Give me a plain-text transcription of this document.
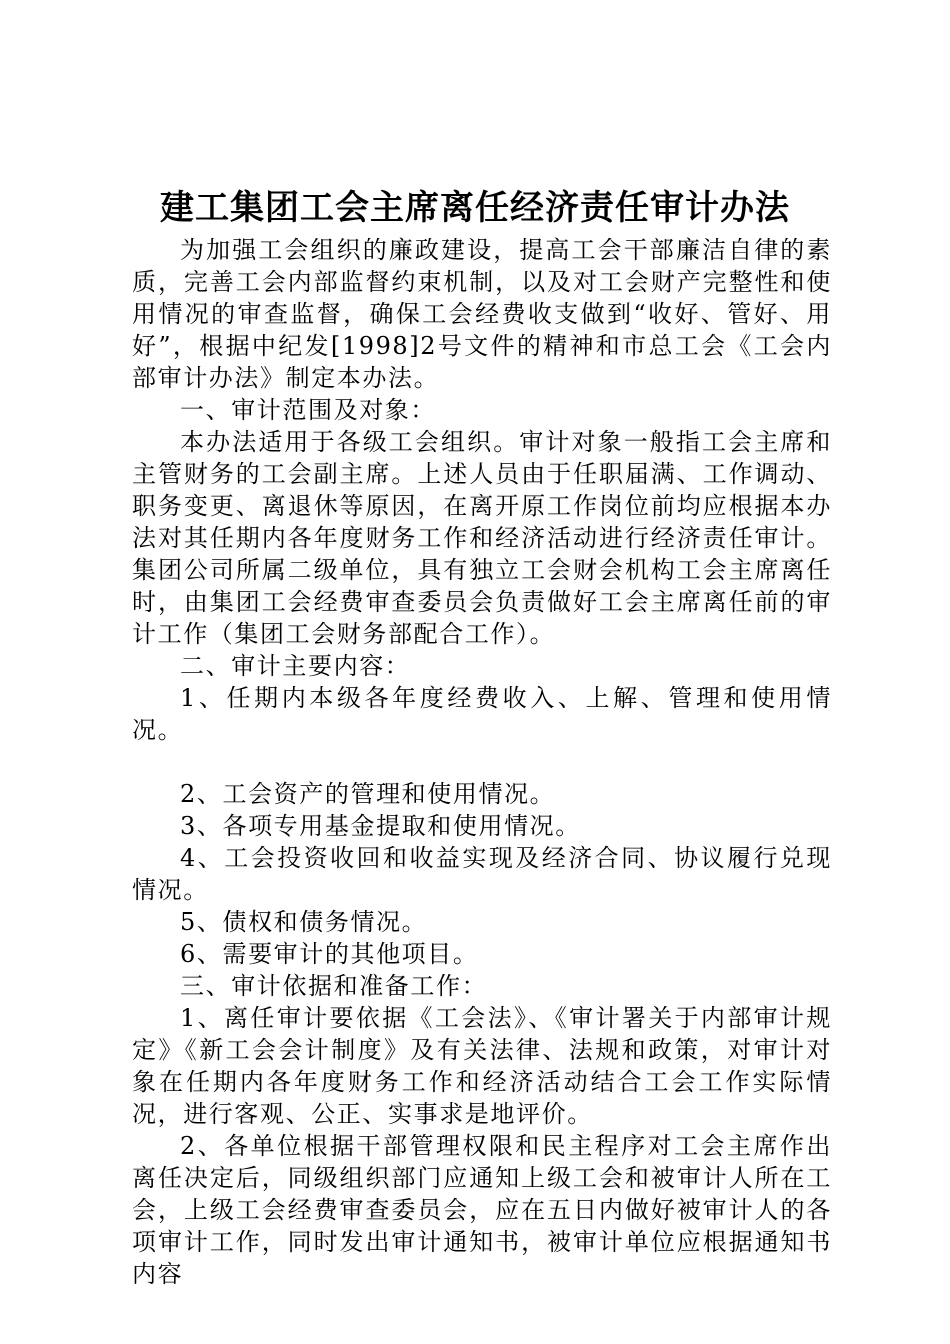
建工集团工会主席离任经济责任审计办法

为加强工会组织的廉政建设，提高工会干部廉洁自律的素质，完善工会内部监督约束机制，以及对工会财产完整性和使用情况的审查监督，确保工会经费收支做到“收好、管好、用好”，根据中纪发[1998]2号文件的精神和市总工会《工会内部审计办法》制定本办法。

一、审计范围及对象：

本办法适用于各级工会组织。审计对象一般指工会主席和主管财务的工会副主席。上述人员由于任职届满、工作调动、职务变更、离退休等原因，在离开原工作岗位前均应根据本办法对其任期内各年度财务工作和经济活动进行经济责任审计。集团公司所属二级单位，具有独立工会财会机构工会主席离任时，由集团工会经费审查委员会负责做好工会主席离任前的审计工作（集团工会财务部配合工作）。

二、审计主要内容：

1、任期内本级各年度经费收入、上解、管理和使用情况。

2、工会资产的管理和使用情况。

3、各项专用基金提取和使用情况。

4、工会投资收回和收益实现及经济合同、协议履行兑现情况。

5、债权和债务情况。

6、需要审计的其他项目。

三、审计依据和准备工作：

1、离任审计要依据《工会法》、《审计署关于内部审计规定》《新工会会计制度》及有关法律、法规和政策，对审计对象在任期内各年度财务工作和经济活动结合工会工作实际情况，进行客观、公正、实事求是地评价。

2、各单位根据干部管理权限和民主程序对工会主席作出离任决定后，同级组织部门应通知上级工会和被审计人所在工会，上级工会经费审查委员会，应在五日内做好被审计人的各项审计工作，同时发出审计通知书，被审计单位应根据通知书内容
